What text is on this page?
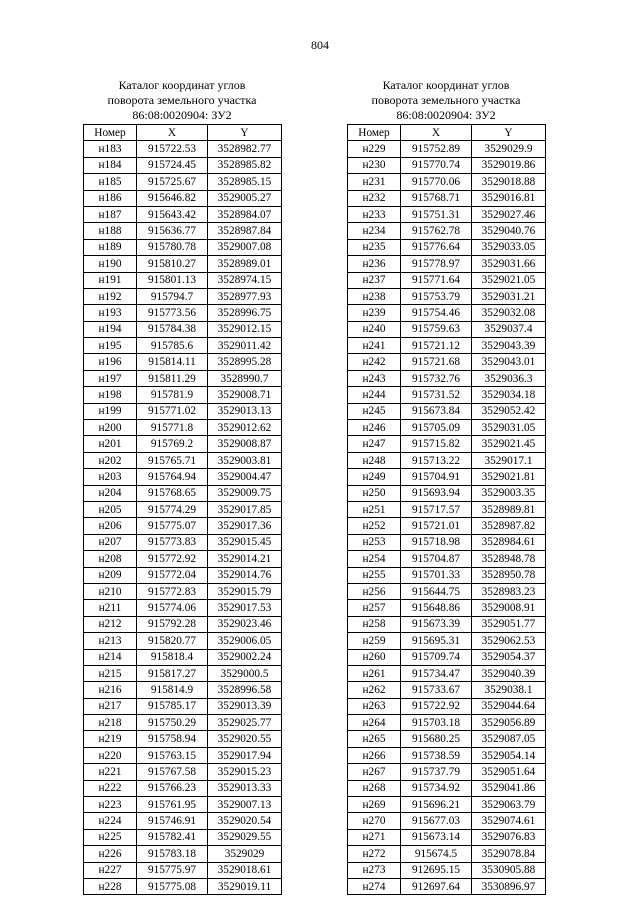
804
Каталог координат углов
поворота земельного участка
86:08:0020904: ЗУ2
Номер	X	Y
н183	915722.53	3528982.77
н184	915724.45	3528985.82
н185	915725.67	3528985.15
н186	915646.82	3529005.27
н187	915643.42	3528984.07
н188	915636.77	3528987.84
н189	915780.78	3529007.08
н190	915810.27	3528989.01
н191	915801.13	3528974.15
н192	915794.7	3528977.93
н193	915773.56	3528996.75
н194	915784.38	3529012.15
н195	915785.6	3529011.42
н196	915814.11	3528995.28
н197	915811.29	3528990.7
н198	915781.9	3529008.71
н199	915771.02	3529013.13
н200	915771.8	3529012.62
н201	915769.2	3529008.87
н202	915765.71	3529003.81
н203	915764.94	3529004.47
н204	915768.65	3529009.75
н205	915774.29	3529017.85
н206	915775.07	3529017.36
н207	915773.83	3529015.45
н208	915772.92	3529014.21
н209	915772.04	3529014.76
н210	915772.83	3529015.79
н211	915774.06	3529017.53
н212	915792.28	3529023.46
н213	915820.77	3529006.05
н214	915818.4	3529002.24
н215	915817.27	3529000.5
н216	915814.9	3528996.58
н217	915785.17	3529013.39
н218	915750.29	3529025.77
н219	915758.94	3529020.55
н220	915763.15	3529017.94
н221	915767.58	3529015.23
н222	915766.23	3529013.33
н223	915761.95	3529007.13
н224	915746.91	3529020.54
н225	915782.41	3529029.55
н226	915783.18	3529029
н227	915775.97	3529018.61
н228	915775.08	3529019.11
Каталог координат углов
поворота земельного участка
86:08:0020904: ЗУ2
Номер	X	Y
н229	915752.89	3529029.9
н230	915770.74	3529019.86
н231	915770.06	3529018.88
н232	915768.71	3529016.81
н233	915751.31	3529027.46
н234	915762.78	3529040.76
н235	915776.64	3529033.05
н236	915778.97	3529031.66
н237	915771.64	3529021.05
н238	915753.79	3529031.21
н239	915754.46	3529032.08
н240	915759.63	3529037.4
н241	915721.12	3529043.39
н242	915721.68	3529043.01
н243	915732.76	3529036.3
н244	915731.52	3529034.18
н245	915673.84	3529052.42
н246	915705.09	3529031.05
н247	915715.82	3529021.45
н248	915713.22	3529017.1
н249	915704.91	3529021.81
н250	915693.94	3529003.35
н251	915717.57	3528989.81
н252	915721.01	3528987.82
н253	915718.98	3528984.61
н254	915704.87	3528948.78
н255	915701.33	3528950.78
н256	915644.75	3528983.23
н257	915648.86	3529008.91
н258	915673.39	3529051.77
н259	915695.31	3529062.53
н260	915709.74	3529054.37
н261	915734.47	3529040.39
н262	915733.67	3529038.1
н263	915722.92	3529044.64
н264	915703.18	3529056.89
н265	915680.25	3529087.05
н266	915738.59	3529054.14
н267	915737.79	3529051.64
н268	915734.92	3529041.86
н269	915696.21	3529063.79
н270	915677.03	3529074.61
н271	915673.14	3529076.83
н272	915674.5	3529078.84
н273	912695.15	3530905.88
н274	912697.64	3530896.97
